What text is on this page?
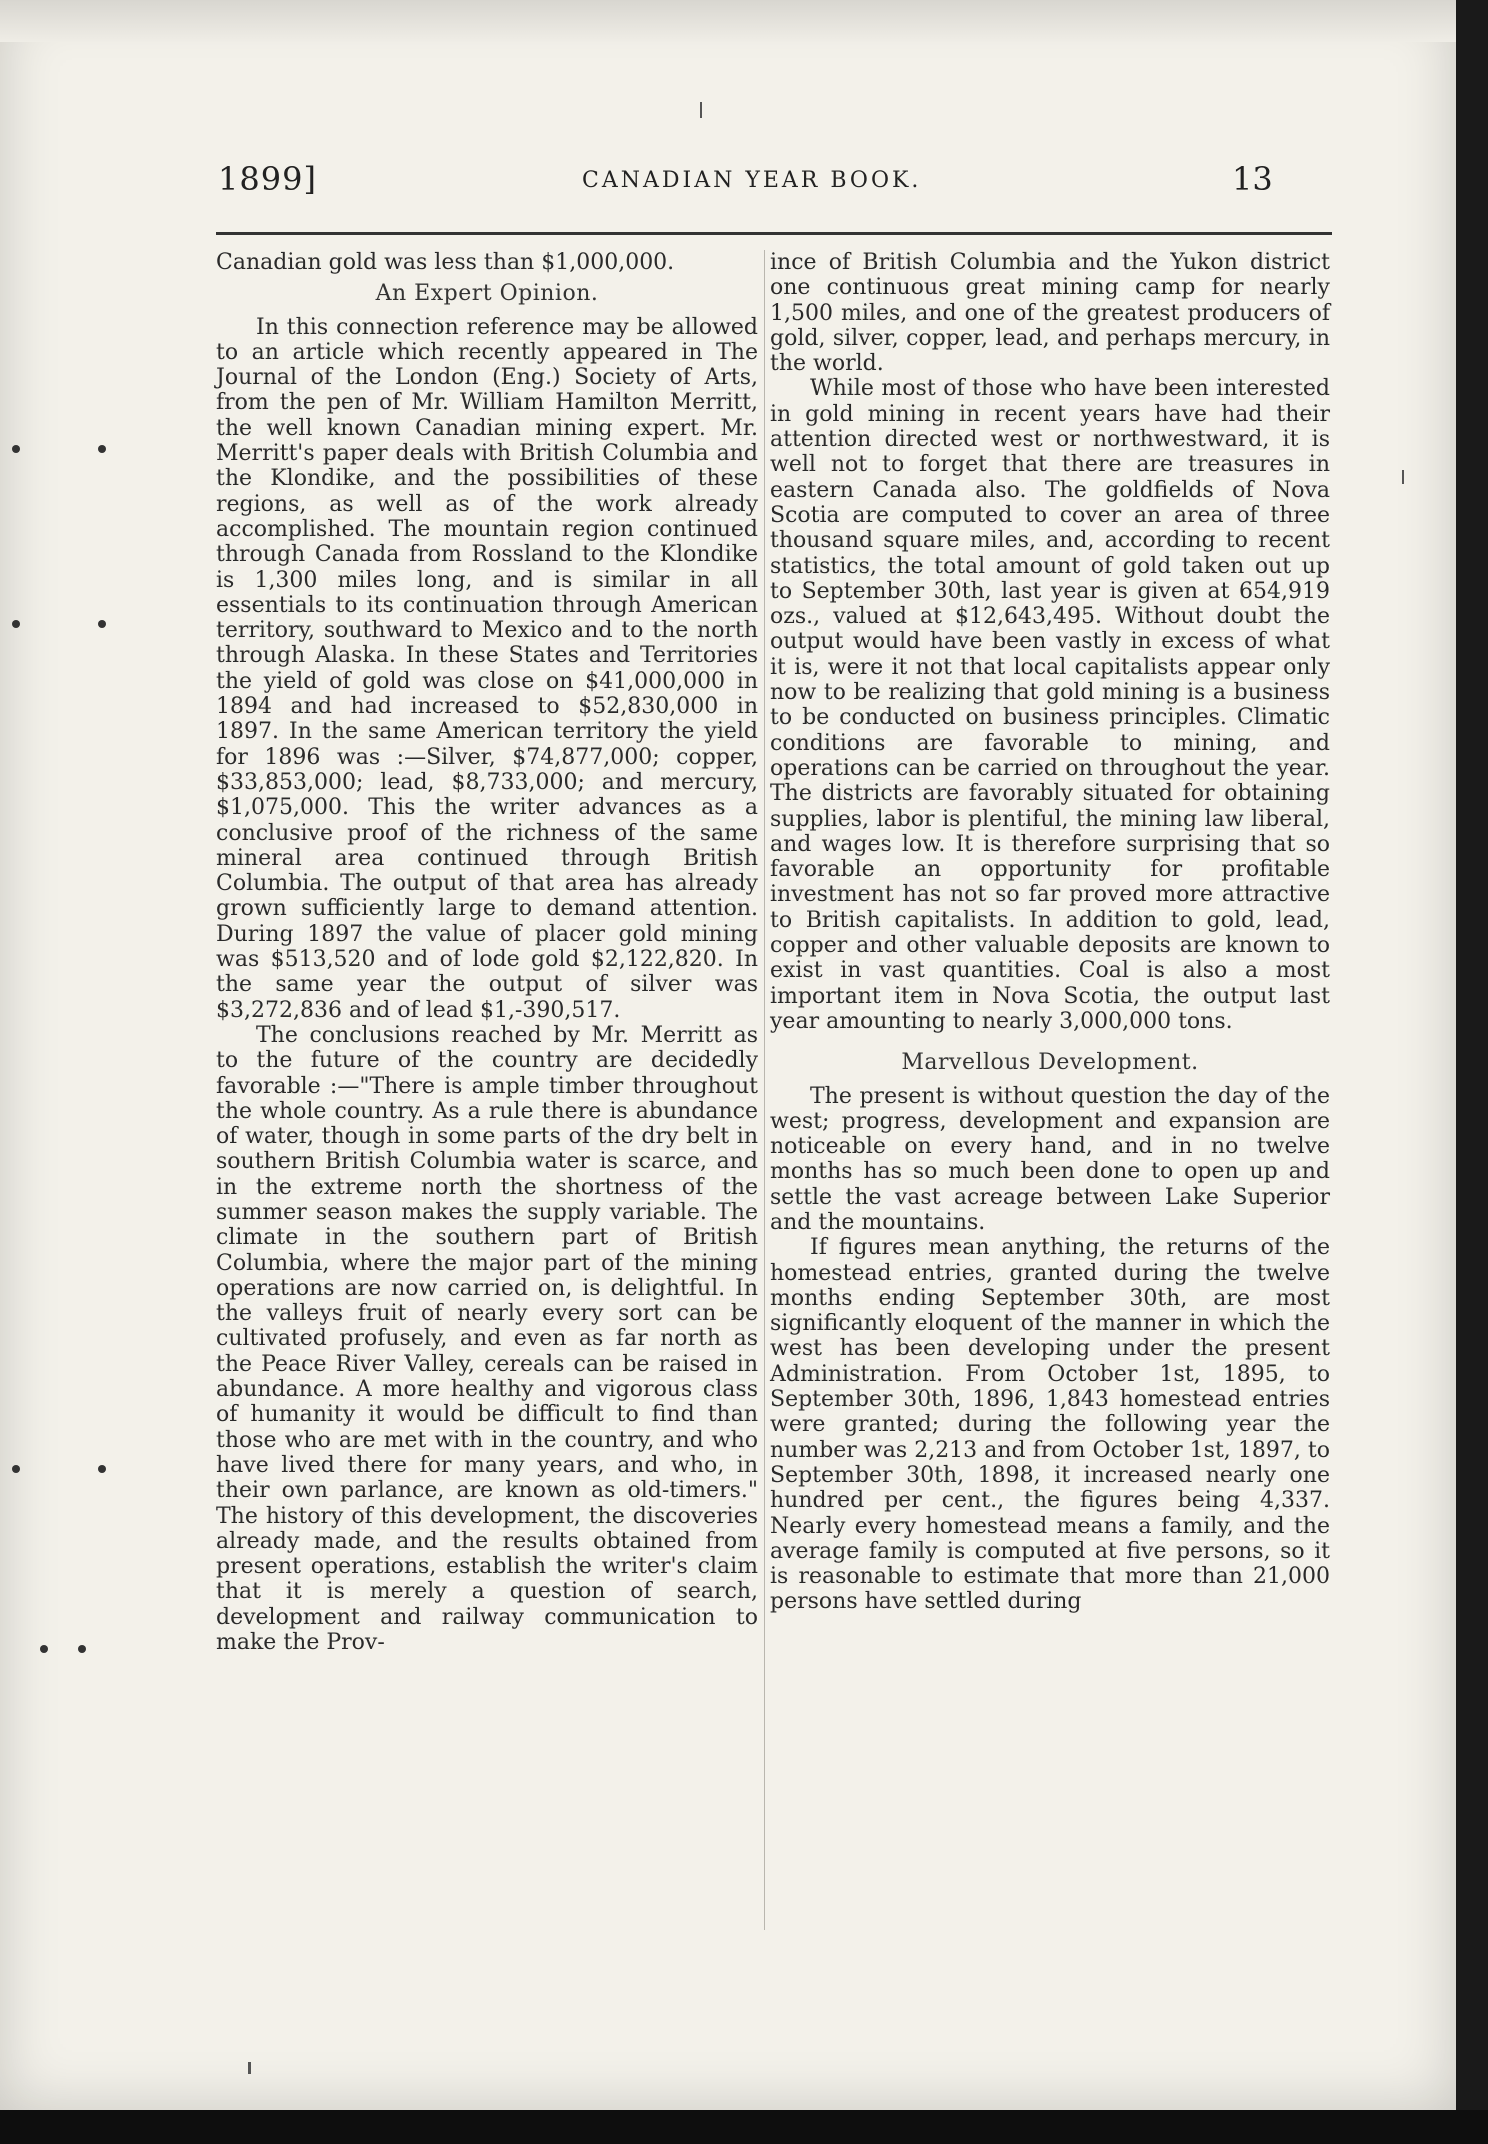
1899]	CANADIAN YEAR BOOK.	13

Canadian gold was less than $1,000,000.

An Expert Opinion.

In this connection reference may be allowed to an article which recently appeared in The Journal of the London (Eng.) Society of Arts, from the pen of Mr. William Hamilton Merritt, the well known Canadian mining expert. Mr. Merritt's paper deals with British Columbia and the Klondike, and the possibilities of these regions, as well as of the work already accomplished. The mountain region continued through Canada from Rossland to the Klondike is 1,300 miles long, and is similar in all essentials to its continuation through American territory, southward to Mexico and to the north through Alaska. In these States and Territories the yield of gold was close on $41,000,000 in 1894 and had increased to $52,830,000 in 1897. In the same American territory the yield for 1896 was :—Silver, $74,877,000; copper, $33,853,000; lead, $8,733,000; and mercury, $1,075,000. This the writer advances as a conclusive proof of the richness of the same mineral area continued through British Columbia. The output of that area has already grown sufficiently large to demand attention. During 1897 the value of placer gold mining was $513,520 and of lode gold $2,122,820. In the same year the output of silver was $3,272,836 and of lead $1,-390,517.

The conclusions reached by Mr. Merritt as to the future of the country are decidedly favorable :—"There is ample timber throughout the whole country. As a rule there is abundance of water, though in some parts of the dry belt in southern British Columbia water is scarce, and in the extreme north the shortness of the summer season makes the supply variable. The climate in the southern part of British Columbia, where the major part of the mining operations are now carried on, is delightful. In the valleys fruit of nearly every sort can be cultivated profusely, and even as far north as the Peace River Valley, cereals can be raised in abundance. A more healthy and vigorous class of humanity it would be difficult to find than those who are met with in the country, and who have lived there for many years, and who, in their own parlance, are known as old-timers." The history of this development, the discoveries already made, and the results obtained from present operations, establish the writer's claim that it is merely a question of search, development and railway communication to make the Prov-

ince of British Columbia and the Yukon district one continuous great mining camp for nearly 1,500 miles, and one of the greatest producers of gold, silver, copper, lead, and perhaps mercury, in the world.

While most of those who have been interested in gold mining in recent years have had their attention directed west or northwestward, it is well not to forget that there are treasures in eastern Canada also. The goldfields of Nova Scotia are computed to cover an area of three thousand square miles, and, according to recent statistics, the total amount of gold taken out up to September 30th, last year is given at 654,919 ozs., valued at $12,643,495. Without doubt the output would have been vastly in excess of what it is, were it not that local capitalists appear only now to be realizing that gold mining is a business to be conducted on business principles. Climatic conditions are favorable to mining, and operations can be carried on throughout the year. The districts are favorably situated for obtaining supplies, labor is plentiful, the mining law liberal, and wages low. It is therefore surprising that so favorable an opportunity for profitable investment has not so far proved more attractive to British capitalists. In addition to gold, lead, copper and other valuable deposits are known to exist in vast quantities. Coal is also a most important item in Nova Scotia, the output last year amounting to nearly 3,000,000 tons.

Marvellous Development.

The present is without question the day of the west; progress, development and expansion are noticeable on every hand, and in no twelve months has so much been done to open up and settle the vast acreage between Lake Superior and the mountains.

If figures mean anything, the returns of the homestead entries, granted during the twelve months ending September 30th, are most significantly eloquent of the manner in which the west has been developing under the present Administration. From October 1st, 1895, to September 30th, 1896, 1,843 homestead entries were granted; during the following year the number was 2,213 and from October 1st, 1897, to September 30th, 1898, it increased nearly one hundred per cent., the figures being 4,337. Nearly every homestead means a family, and the average family is computed at five persons, so it is reasonable to estimate that more than 21,000 persons have settled during
